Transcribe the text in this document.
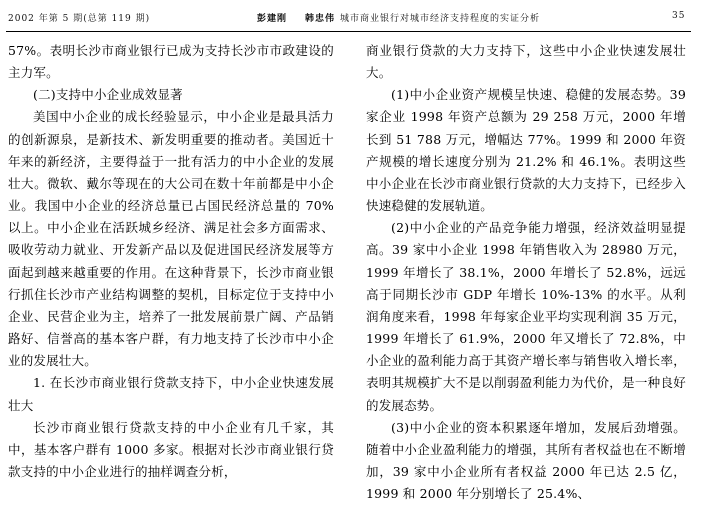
2002 年第 5 期(总第 119 期)	彭建刚 韩忠伟 城市商业银行对城市经济支持程度的实证分析	35

57%。表明长沙市商业银行已成为支持长沙市市政建设的主力军。

(二)支持中小企业成效显著

美国中小企业的成长经验显示，中小企业是最具活力的创新源泉，是新技术、新发明重要的推动者。美国近十年来的新经济，主要得益于一批有活力的中小企业的发展壮大。微软、戴尔等现在的大公司在数十年前都是中小企业。我国中小企业的经济总量已占国民经济总量的 70% 以上。中小企业在活跃城乡经济、满足社会多方面需求、吸收劳动力就业、开发新产品以及促进国民经济发展等方面起到越来越重要的作用。在这种背景下，长沙市商业银行抓住长沙市产业结构调整的契机，目标定位于支持中小企业、民营企业为主，培养了一批发展前景广阔、产品销路好、信誉高的基本客户群，有力地支持了长沙市中小企业的发展壮大。

1. 在长沙市商业银行贷款支持下，中小企业快速发展壮大

长沙市商业银行贷款支持的中小企业有几千家，其中，基本客户群有 1000 多家。根据对长沙市商业银行贷款支持的中小企业进行的抽样调查分析，

商业银行贷款的大力支持下，这些中小企业快速发展壮大。

(1)中小企业资产规模呈快速、稳健的发展态势。39 家企业 1998 年资产总额为 29 258 万元，2000 年增长到 51 788 万元，增幅达 77%。1999 和 2000 年资产规模的增长速度分别为 21.2% 和 46.1%。表明这些中小企业在长沙市商业银行贷款的大力支持下，已经步入快速稳健的发展轨道。

(2)中小企业的产品竞争能力增强，经济效益明显提高。39 家中小企业 1998 年销售收入为 28980 万元，1999 年增长了 38.1%，2000 年增长了 52.8%，远远高于同期长沙市 GDP 年增长 10%-13% 的水平。从利润角度来看，1998 年每家企业平均实现利润 35 万元，1999 年增长了 61.9%，2000 年又增长了 72.8%，中小企业的盈利能力高于其资产增长率与销售收入增长率，表明其规模扩大不是以削弱盈利能力为代价，是一种良好的发展态势。

(3)中小企业的资本积累逐年增加，发展后劲增强。随着中小企业盈利能力的增强，其所有者权益也在不断增加，39 家中小企业所有者权益 2000 年已达 2.5 亿，1999 和 2000 年分别增长了 25.4%、
